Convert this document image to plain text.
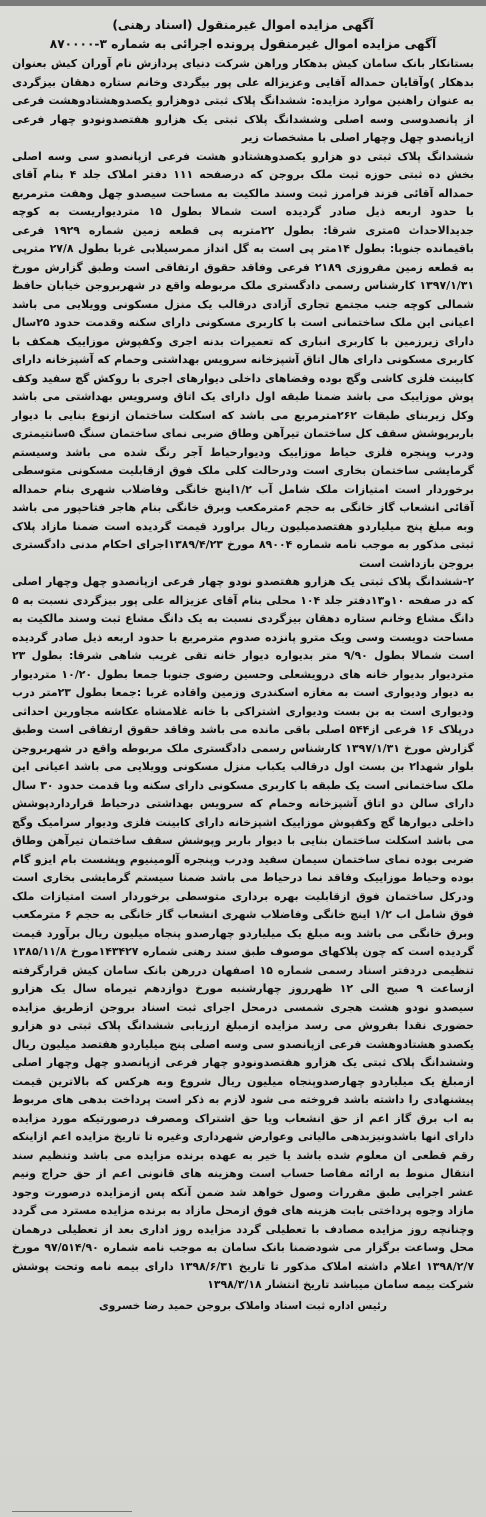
آگهی مزایده اموال غیرمنقول (اسناد رهنی)
آگهی مزایده اموال غیرمنقول پرونده اجرائی به شماره ۳-۸۷۰۰۰۰

بستانکار بانک سامان کیش بدهکار وراهن شرکت دنیای پردازش نام آوران کیش بعنوان بدهکار )وآقایان حمداله آقایی وعزیزاله علی پور بیگردی وخانم ستاره دهقان بیزگردی به عنوان راهنین موارد مزایده: ششدانگ پلاک ثبتی دوهزارو یکصدوهشتادوهشت فرعی از پانصدوسی وسه اصلی وششدانگ پلاک ثبتی یک هزارو هفتصدونودو چهار فرعی ازپانصدو چهل وچهار اصلی با مشخصات زیر

ششدانگ پلاک ثبتی دو هزارو یکصدوهشتادو هشت فرعی ازپانصدو سی وسه اصلی بخش ده ثبتی حوزه ثبت ملک بروجن که درصفحه ۱۱۱ دفتر املاک جلد ۴ بنام آقای حمداله آقائی فزند فرامرز ثبت وسند مالکیت به مساحت سیصدو چهل وهفت مترمربع با حدود اربعه ذیل صادر گردیده است شمالا بطول ۱۵ متردیواریست به کوچه جدیدالاحداث ۵متری شرقا: بطول ۲۲متربه پی قطعه زمین شماره ۱۹۲۹ فرعی باقیمانده جنوبا: بطول ۱۴متر پی است به گل انداز ممرسیلابی غربا بطول ۲۷/۸ مترپی به قطعه زمین مفروزی ۲۱۸۹ فرعی وفاقد حقوق ارتفاقی است وطبق گزارش مورخ ۱۳۹۷/۱/۳۱ کارشناس رسمی دادگستری ملک مربوطه واقع در شهربروجن خیابان حافظ شمالی کوچه جنب مجتمع تجاری آزادی درقالب یک منزل مسکونی وویلایی می باشد اعیانی این ملک ساختمانی است با کاربری مسکونی دارای سکنه وقدمت حدود ۲۵سال دارای زیرزمین با کاربری انباری که تعمیرات بدنه اجری وکفپوش موزاییک همکف با کاربری مسکونی دارای هال اتاق آشپزخانه سرویس بهداشتی وحمام که آشپزخانه دارای کابینت فلزی کاشی وگچ بوده وفضاهای داخلی دیوارهای اجری با روکش گچ سفید وکف پوش موزاییک می باشد ضمنا طبقه اول دارای یک اتاق وسرویس بهداشتی می باشد وکل زیربنای طبقات ۲۶۲مترمربع می باشد که اسکلت ساختمان ازنوع بنایی با دیوار باربرپوشش سقف کل ساختمان تیرآهن وطاق ضربی نمای ساختمان سنگ ۵سانتیمتری ودرب وپنجره فلزی حیاط موزاییک ودیوارحیاط آجر رنگ شده می باشد وسیستم گرمایشی ساختمان بخاری است ودرحالت کلی ملک فوق ازقابلیت مسکونی متوسطی برخوردار است امتیازات ملک شامل آب ۱/۲اینچ خانگی وفاضلاب شهری بنام حمداله آقائی انشعاب گاز خانگی به حجم ۶مترمکعب وبرق خانگی بنام هاجر فتاحپور می باشد وبه مبلغ پنج میلیاردو هفتصدمیلیون ریال براورد قیمت گردیده است ضمنا مازاد پلاک ثبتی مذکور به موجب نامه شماره ۸۹۰۰۴ مورخ ۱۳۸۹/۴/۲۳اجرای احکام مدنی دادگستری بروجن بازداشت است

۲-ششدانگ پلاک ثبتی یک هزارو هفتصدو نودو چهار فرعی ازپانصدو چهل وچهار اصلی که در صفحه ۱۰و۱۳دفتر جلد ۱۰۴ محلی بنام آقای عزیزاله علی پور بیزگردی نسبت به ۵ دانگ مشاع وخانم ستاره دهقان بیزگردی نسبت به یک دانگ مشاع ثبت وسند مالکیت به مساحت دویست وسی ویک مترو پانزده صدوم مترمربع با حدود اربعه ذیل صادر گردیده است شمالا بطول ۹/۹۰ متر بدیواره دیوار خانه تقی غریب شاهی شرقا: بطول ۲۳ متردیوار بدیوار خانه های درویشعلی وحسین رضوی جنوبا جمعا بطول ۱۰/۲۰ متردیوار به دیوار ودیواری است به مغازه اسکندری وزمین واقاده غربا :جمعا بطول ۲۳متر درب ودیواری است به بن بست ودیواری اشتراکی با خانه غلامشاه عکاشه مجاورین احداثی درپلاک ۱۶ فرعی از۵۴۴ اصلی باقی مانده می باشد وفاقد حقوق ارتفاقی است وطبق گزارش مورخ ۱۳۹۷/۱/۳۱ کارشناس رسمی دادگستری ملک مربوطه واقع در شهربروجن بلوار شهدا۲ بن بست اول درقالب یکباب منزل مسکونی وویلایی می باشد اعیانی این ملک ساختمانی است یک طبقه با کاربری مسکونی دارای سکنه وبا قدمت حدود ۳۰ سال دارای سالن دو اتاق آشپزخانه وحمام که سرویس بهداشتی درحیاط قرارداردپوشش داخلی دیوارها گچ وکفپوش موزاییک اشپزخانه دارای کابینت فلزی ودیوار سرامیک وگچ می باشد اسکلت ساختمان بنایی با دیوار باربر وپوشش سقف ساختمان تیرآهن وطاق ضربی بوده نمای ساختمان سیمان سفید ودرب وپنجره آلومینیوم وپشست بام ایزو گام بوده وحیاط موزاییک وفاقد نما درحیاط می باشد ضمنا سیستم گرمایشی بخاری است ودرکل ساختمان فوق ازقابلیت بهره برداری متوسطی برخوردار است امتیازات ملک فوق شامل اب ۱/۲ اینچ خانگی وفاضلاب شهری انشعاب گاز خانگی به حجم ۶ مترمکعب وبرق خانگی می باشد وبه مبلغ یک میلیاردو چهارصدو پنجاه میلیون ریال برآورد قیمت گردیده است که چون پلاکهای موصوف طبق سند رهنی شماره ۱۴۳۴۲۷مورخ ۱۳۸۵/۱۱/۸ تنظیمی دردفتر اسناد رسمی شماره ۱۵ اصفهان دررهن بانک سامان کیش قرارگرفته ازساعت ۹ صبح الی ۱۲ ظهرروز چهارشنبه مورخ دوازدهم تیرماه سال یک هزارو سیصدو نودو هشت هجری شمسی درمحل اجرای ثبت اسناد بروجن ازطریق مزایده حضوری نقدا بفروش می رسد مزایده ازمبلغ ارزیابی ششدانگ پلاک ثبتی دو هزارو یکصدو هشتادوهشت فرعی ازپانصدو سی وسه اصلی پنج میلیاردو هفتصد میلیون ریال وششدانگ پلاک ثبتی یک هزارو هفتصدونودو چهار فرعی ازپانصدو چهل وچهار اصلی ازمبلغ یک میلیاردو چهارصدوپنجاه میلیون ریال شروع وبه هرکس که بالاترین قیمت پیشنهادی را داشته باشد فروخته می شود لازم به ذکر است پرداخت بدهی های مربوط به اب برق گاز اعم از حق انشعاب ویا حق اشتراک ومصرف درصورتیکه مورد مزایده دارای انها باشدونیزبدهی مالیاتی وعوارض شهرداری وغیره تا تاریخ مزایده اعم ازاینکه رقم قطعی ان معلوم شده باشد یا خیر به عهده برنده مزایده می باشد وتنظیم سند انتقال منوط به ارائه مفاصا حساب است وهزینه های قانونی اعم از حق حراج ونیم عشر اجرایی طبق مقررات وصول خواهد شد ضمن آنکه پس ازمزایده درصورت وجود مازاد وجوه پرداختی بابت هزینه های فوق ازمحل مازاد به برنده مزایده مسترد می گردد وچنانچه روز مزایده مصادف با تعطیلی گردد مزایده روز اداری بعد از تعطیلی درهمان محل وساعت برگزار می شودضمنا بانک سامان به موجب نامه شماره ۹۷/۵۱۴/۹۰ مورخ ۱۳۹۸/۲/۷ اعلام داشته املاک مذکور تا تاریخ ۱۳۹۸/۶/۳۱ دارای بیمه نامه وتحت پوشش شرکت بیمه سامان میباشد تاریخ انتشار ۱۳۹۸/۳/۱۸

رئیس اداره ثبت اسناد واملاک بروجن حمید رضا خسروی
